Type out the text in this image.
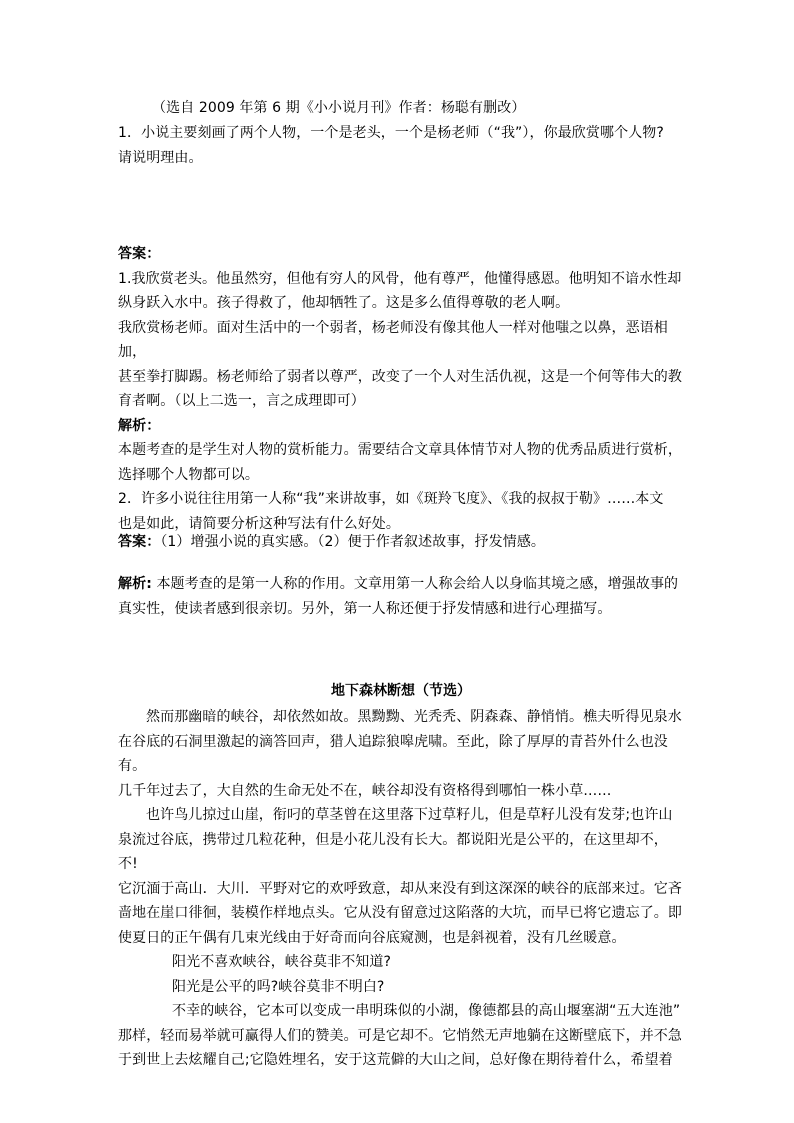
（选自 2009 年第 6 期《小小说月刊》作者：杨聪有删改）

1．小说主要刻画了两个人物，一个是老头，一个是杨老师（“我”），你最欣赏哪个人物?

请说明理由。

答案：

1.我欣赏老头。他虽然穷，但他有穷人的风骨，他有尊严，他懂得感恩。他明知不谙水性却

纵身跃入水中。孩子得救了，他却牺牲了。这是多么值得尊敬的老人啊。

我欣赏杨老师。面对生活中的一个弱者，杨老师没有像其他人一样对他嗤之以鼻，恶语相加，

甚至拳打脚踢。杨老师给了弱者以尊严，改变了一个人对生活仇视，这是一个何等伟大的教

育者啊。（以上二选一，言之成理即可）

解析：

本题考查的是学生对人物的赏析能力。需要结合文章具体情节对人物的优秀品质进行赏析，

选择哪个人物都可以。

2．许多小说往往用第一人称“我”来讲故事，如《斑羚飞度》、《我的叔叔于勒》……本文

也是如此，请简要分析这种写法有什么好处。

答案：（1）增强小说的真实感。（2）便于作者叙述故事，抒发情感。

解析: 本题考查的是第一人称的作用。文章用第一人称会给人以身临其境之感，增强故事的

真实性，使读者感到很亲切。另外，第一人称还便于抒发情感和进行心理描写。

地下森林断想（节选）

然而那幽暗的峡谷，却依然如故。黑黝黝、光秃秃、阴森森、静悄悄。樵夫听得见泉水

在谷底的石洞里激起的滴答回声，猎人追踪狼嗥虎啸。至此，除了厚厚的青苔外什么也没有。

几千年过去了，大自然的生命无处不在，峡谷却没有资格得到哪怕一株小草……

也许鸟儿掠过山崖，衔叼的草茎曾在这里落下过草籽儿，但是草籽儿没有发芽;也许山

泉流过谷底，携带过几粒花种，但是小花儿没有长大。都说阳光是公平的，在这里却不，不!

它沉湎于高山．大川．平野对它的欢呼致意，却从来没有到这深深的峡谷的底部来过。它吝

啬地在崖口徘徊，装模作样地点头。它从没有留意过这陷落的大坑，而早已将它遗忘了。即

使夏日的正午偶有几束光线由于好奇而向谷底窥测，也是斜视着，没有几丝暖意。

阳光不喜欢峡谷，峡谷莫非不知道?

阳光是公平的吗?峡谷莫非不明白?

不幸的峡谷，它本可以变成一串明珠似的小湖，像德都县的高山堰塞湖“五大连池”

那样，轻而易举就可赢得人们的赞美。可是它却不。它悄然无声地躺在这断壁底下，并不急

于到世上去炫耀自己;它隐姓埋名，安于这荒僻的大山之间，总好像在期待着什么，希望着
